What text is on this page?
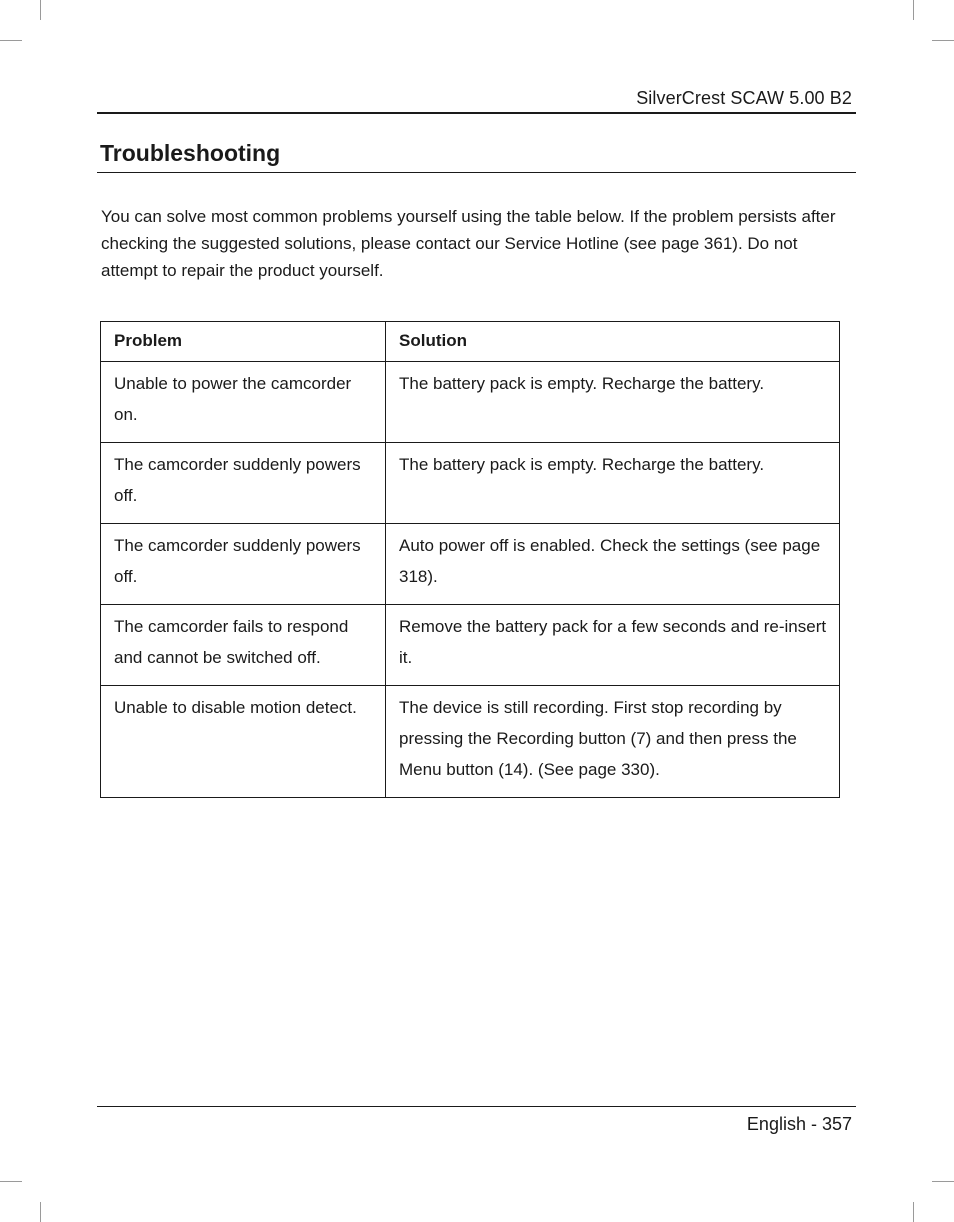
SilverCrest SCAW 5.00 B2
Troubleshooting

You can solve most common problems yourself using the table below. If the problem persists after checking the suggested solutions, please contact our Service Hotline (see page 361). Do not attempt to repair the product yourself.

Problem	Solution
Unable to power the camcorder on.	The battery pack is empty. Recharge the battery.
The camcorder suddenly powers off.	The battery pack is empty. Recharge the battery.
The camcorder suddenly powers off.	Auto power off is enabled. Check the settings (see page 318).
The camcorder fails to respond and cannot be switched off.	Remove the battery pack for a few seconds and re-insert it.
Unable to disable motion detect.	The device is still recording. First stop recording by pressing the Recording button (7) and then press the Menu button (14). (See page 330).
English - 357
